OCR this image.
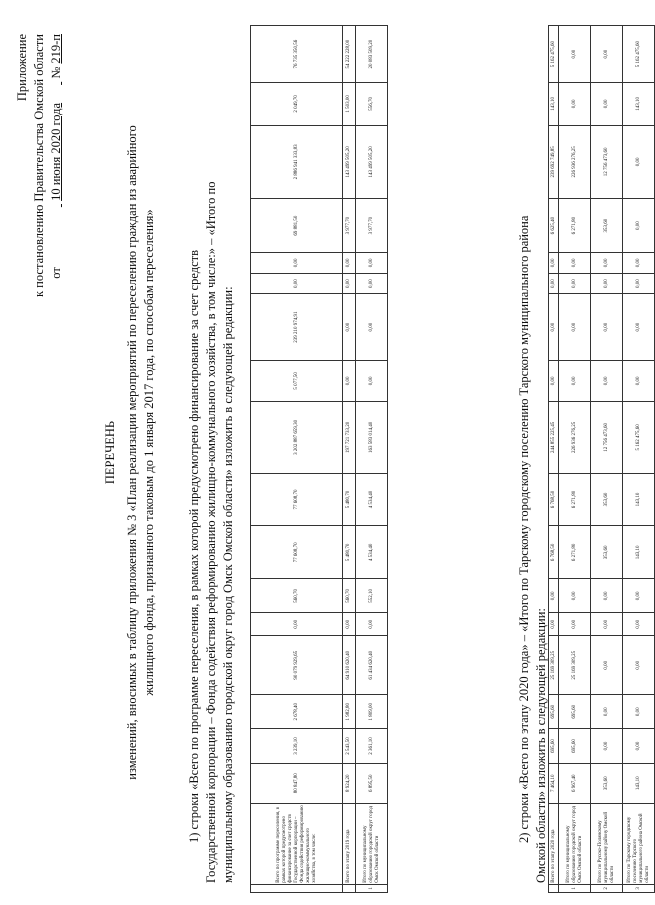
Приложение к постановлению Правительства Омской области от   10 июня 2020 года   № 219-п
ПЕРЕЧЕНЬ изменений, вносимых в таблицу приложения № 3 «План реализации мероприятий по переселению граждан из аварийного жилищного фонда, признанного таковым до 1 января 2017 года, по способам переселения» 1) строки «Всего по программе переселения, в рамках которой предусмотрено финансирование за счет средств Государственной корпорации – Фонда содействия реформированию жилищно-коммунального хозяйства, в том числе:» – «Итого по муниципальному образованию городской округ город Омск Омской области» изложить в следующей редакции:
		Всего по программе переселения, в рамках которой предусмотрено финансирование за счет средств Государственной корпорации – Фонда содействия реформированию жилищно-коммунального хозяйства, в том числе:	80 847,80	3 239,10	2 678,40	90 079 929,65	0,00	560,70	77 608,70	77 608,70	3 202 887 659,30	5 077,50	239 210 974,91	0,00	0,00	69 881,50	2 886 941 333,83	2 049,70	76 735 350,56
	Всего по этапу 2019 года	8 924,20	2 543,50	1 982,80	64 910 620,40	0,00	560,70	5 480,70	5 480,70	197 721 733,20	0,00	0,00	0,00	0,00	3 977,70	143 499 505,20	1 503,00	54 222 228,00
1	Итого по муниципальному образованию городской округ город Омск Омской области	6 895,50	2 361,10	1 809,00	61 434 620,40	0,00	552,10	4 534,40	4 534,40	163 583 014,40	0,00	0,00	0,00	0,00	3 977,70	143 499 505,20	556,70	20 083 509,20
2) строки «Всего по этапу 2020 года» – «Итого по Тарскому городскому поселению Тарского муниципального района Омской области» изложить в следующей редакции:
	Всего по этапу 2020 года	7 464,10	695,60	695,60	25 169 309,25	0,00	0,00	6 768,50	6 768,50	244 855 225,45	0,00	0,00	0,00	0,00	6 625,40	239 692 749,85	143,10	5 162 475,60
1	Итого по муниципальному образованию городской округ город Омск Омской области	6 967,40	695,60	695,60	25 169 309,25	0,00	0,00	6 271,80	6 271,80	226 936 276,25	0,00	0,00	0,00	0,00	6 271,80	226 936 276,25	0,00	0,00
2	Итого по Русско-Полянскому муниципальному району Омской области	353,60	0,00	0,00	0,00	0,00	0,00	353,60	353,60	12 756 473,60	0,00	0,00	0,00	0,00	353,60	12 756 473,60	0,00	0,00
3	Итого по Тарскому городскому поселению Тарского муниципального района Омской области	143,10	0,00	0,00	0,00	0,00	0,00	143,10	143,10	5 162 475,60	0,00	0,00	0,00	0,00	0,00	0,00	143,10	5 162 475,60
